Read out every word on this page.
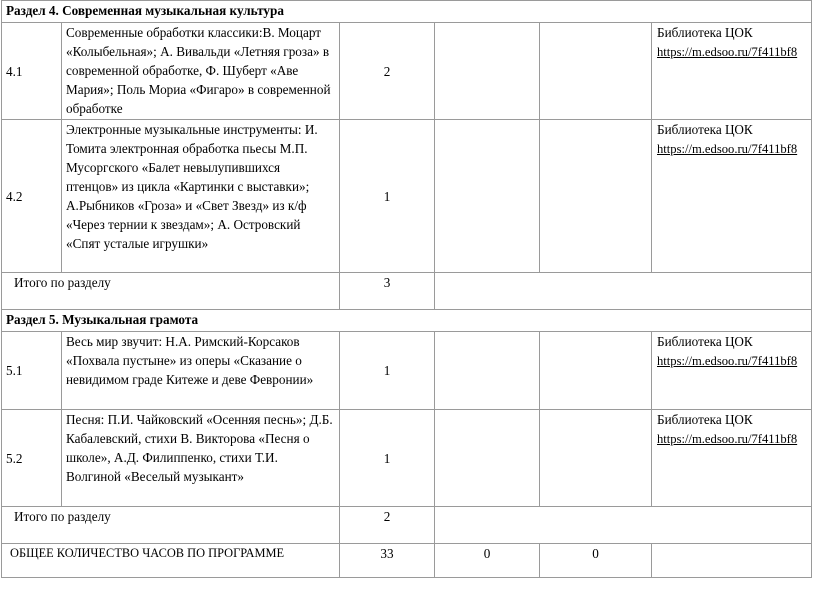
Раздел 4. Современная музыкальная культура					
4.1	Современные обработки классики:В. Моцарт «Колыбельная»; А. Вивальди «Летняя гроза» в современной обработке, Ф. Шуберт «Аве Мария»; Поль Мориа «Фигаро» в современной обработке	2			Библиотека ЦОК
https://m.edsoo.ru/7f411bf8
4.2	Электронные музыкальные инструменты: И. Томита электронная обработка пьесы М.П. Мусоргского «Балет невылупившихся птенцов» из цикла «Картинки с выставки»; А.Рыбников «Гроза» и «Свет Звезд» из к/ф «Через тернии к звездам»; А. Островский «Спят усталые игрушки»	1			Библиотека ЦОК
https://m.edsoo.ru/7f411bf8
Итого по разделу		3			
Раздел 5. Музыкальная грамота					
5.1	Весь мир звучит: Н.А. Римский-Корсаков «Похвала пустыне» из оперы «Сказание о невидимом граде Китеже и деве Февронии»	1			Библиотека ЦОК
https://m.edsoo.ru/7f411bf8
5.2	Песня: П.И. Чайковский «Осенняя песнь»; Д.Б. Кабалевский, стихи В. Викторова «Песня о школе», А.Д. Филиппенко, стихи Т.И. Волгиной «Веселый музыкант»	1			Библиотека ЦОК
https://m.edsoo.ru/7f411bf8
Итого по разделу		2			
ОБЩЕЕ КОЛИЧЕСТВО ЧАСОВ ПО ПРОГРАММЕ		33	0	0	
